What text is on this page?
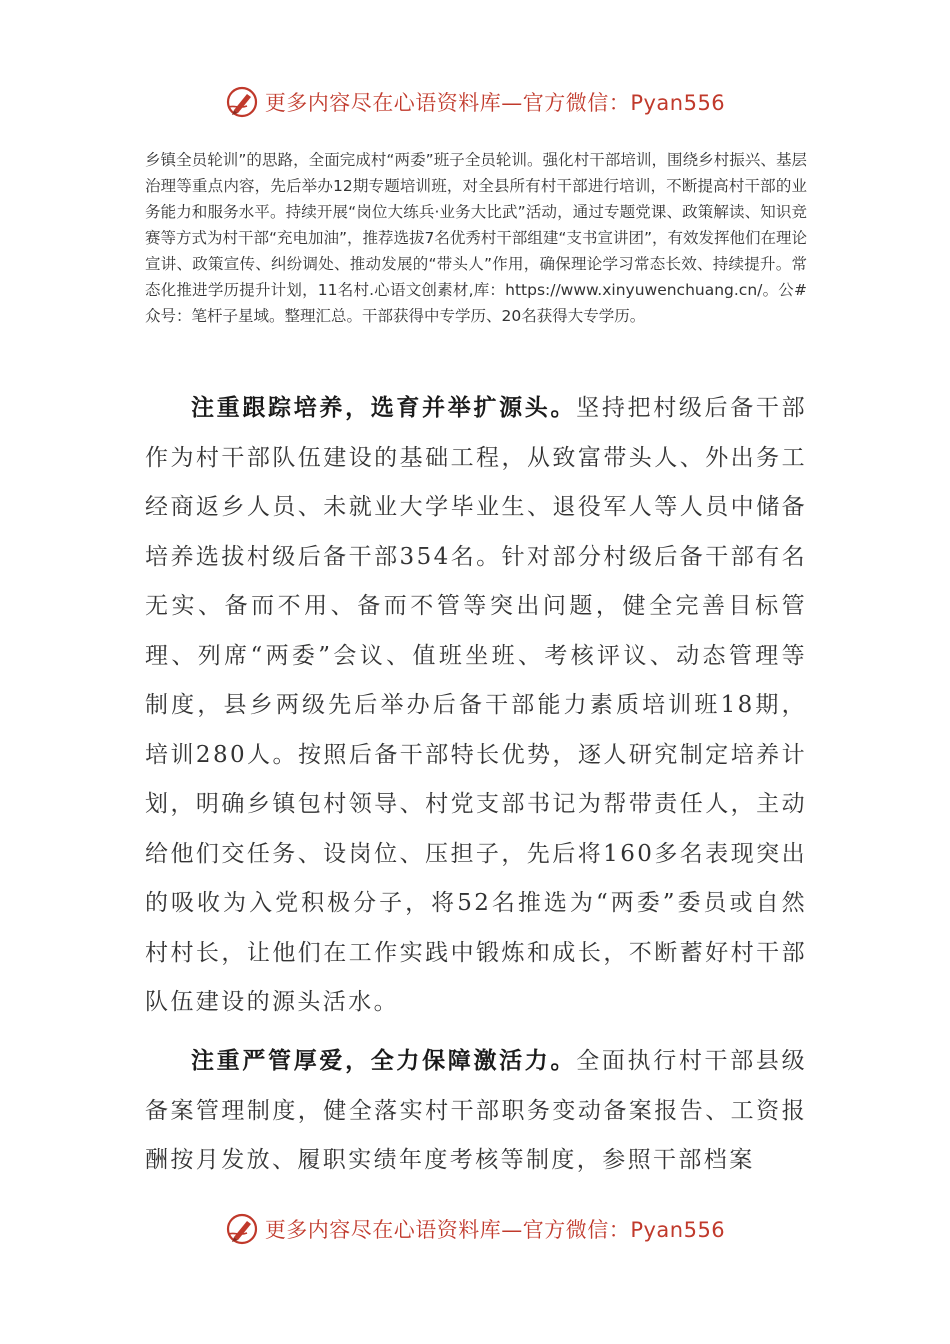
更多内容尽在心语资料库—官方微信：Pyan556

乡镇全员轮训”的思路，全面完成村“两委”班子全员轮训。强化村干部培训，围绕乡村振兴、基层治理等重点内容，先后举办12期专题培训班，对全县所有村干部进行培训，不断提高村干部的业务能力和服务水平。持续开展“岗位大练兵·业务大比武”活动，通过专题党课、政策解读、知识竞赛等方式为村干部“充电加油”，推荐选拔7名优秀村干部组建“支书宣讲团”，有效发挥他们在理论宣讲、政策宣传、纠纷调处、推动发展的“带头人”作用，确保理论学习常态长效、持续提升。常态化推进学历提升计划，11名村.心语文创素材,库：https://www.xinyuwenchuang.cn/。公#众号：笔杆子星域。整理汇总。干部获得中专学历、20名获得大专学历。

注重跟踪培养，选育并举扩源头。坚持把村级后备干部作为村干部队伍建设的基础工程，从致富带头人、外出务工经商返乡人员、未就业大学毕业生、退役军人等人员中储备培养选拔村级后备干部354名。针对部分村级后备干部有名无实、备而不用、备而不管等突出问题，健全完善目标管理、列席“两委”会议、值班坐班、考核评议、动态管理等制度，县乡两级先后举办后备干部能力素质培训班18期，培训280人。按照后备干部特长优势，逐人研究制定培养计划，明确乡镇包村领导、村党支部书记为帮带责任人，主动给他们交任务、设岗位、压担子，先后将160多名表现突出的吸收为入党积极分子，将52名推选为“两委”委员或自然村村长，让他们在工作实践中锻炼和成长，不断蓄好村干部队伍建设的源头活水。

注重严管厚爱，全力保障激活力。全面执行村干部县级备案管理制度，健全落实村干部职务变动备案报告、工资报酬按月发放、履职实绩年度考核等制度，参照干部档案

更多内容尽在心语资料库—官方微信：Pyan556
